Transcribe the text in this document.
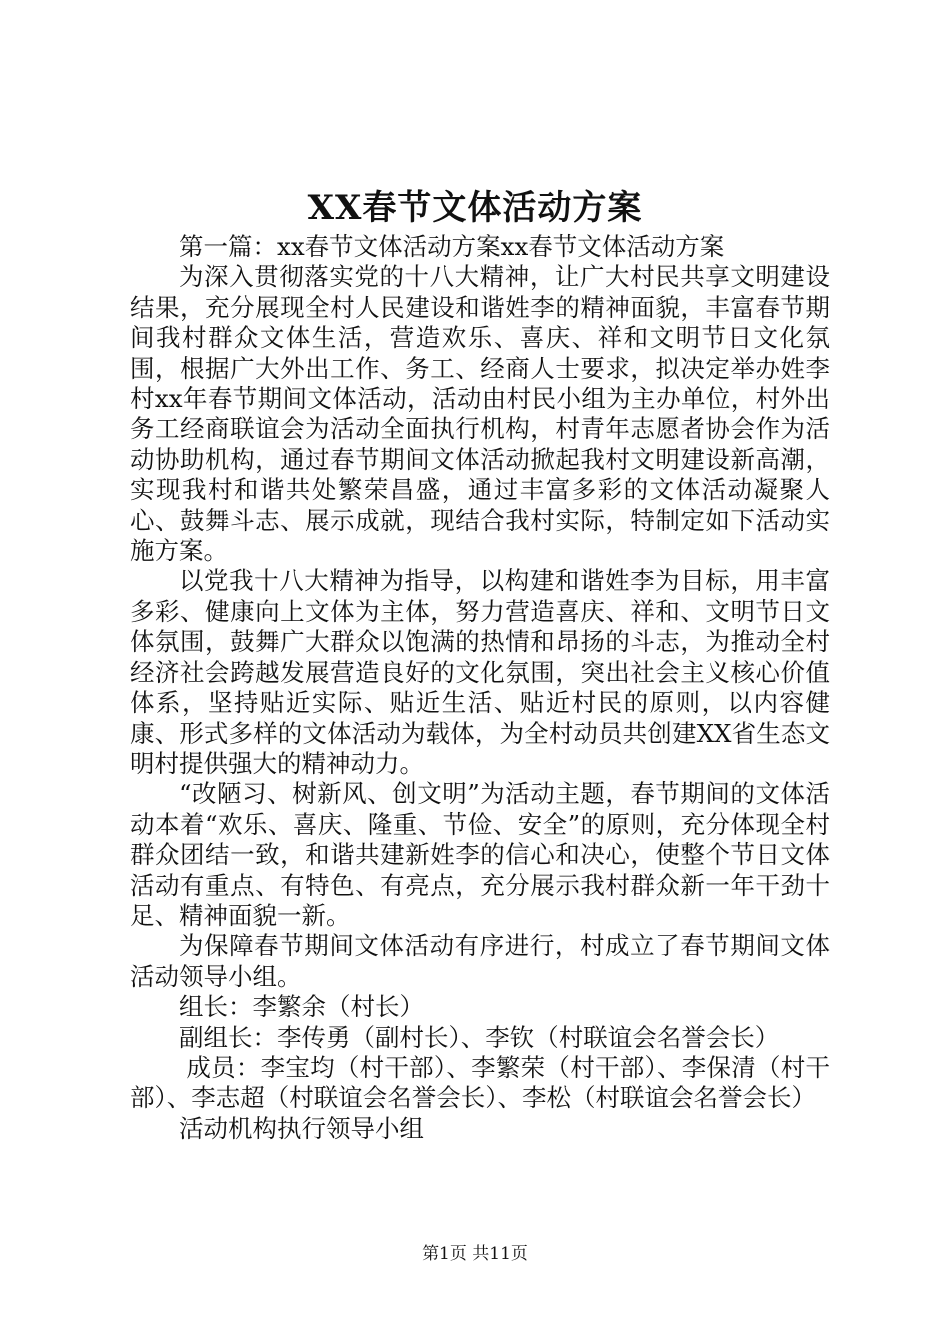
XX春节文体活动方案

第一篇：xx春节文体活动方案xx春节文体活动方案

为深入贯彻落实党的十八大精神，让广大村民共享文明建设结果，充分展现全村人民建设和谐姓李的精神面貌，丰富春节期间我村群众文体生活，营造欢乐、喜庆、祥和文明节日文化氛围，根据广大外出工作、务工、经商人士要求，拟决定举办姓李村xx年春节期间文体活动，活动由村民小组为主办单位，村外出务工经商联谊会为活动全面执行机构，村青年志愿者协会作为活动协助机构，通过春节期间文体活动掀起我村文明建设新高潮，实现我村和谐共处繁荣昌盛，通过丰富多彩的文体活动凝聚人心、鼓舞斗志、展示成就，现结合我村实际，特制定如下活动实施方案。

以党我十八大精神为指导，以构建和谐姓李为目标，用丰富多彩、健康向上文体为主体，努力营造喜庆、祥和、文明节日文体氛围，鼓舞广大群众以饱满的热情和昂扬的斗志，为推动全村经济社会跨越发展营造良好的文化氛围，突出社会主义核心价值体系，坚持贴近实际、贴近生活、贴近村民的原则，以内容健康、形式多样的文体活动为载体，为全村动员共创建XX省生态文明村提供强大的精神动力。

“改陋习、树新风、创文明”为活动主题，春节期间的文体活动本着“欢乐、喜庆、隆重、节俭、安全”的原则，充分体现全村群众团结一致，和谐共建新姓李的信心和决心，使整个节日文体活动有重点、有特色、有亮点，充分展示我村群众新一年干劲十足、精神面貌一新。

为保障春节期间文体活动有序进行，村成立了春节期间文体活动领导小组。

组长：李繁余（村长）

副组长：李传勇（副村长）、李钦（村联谊会名誉会长）

成员：李宝均（村干部）、李繁荣（村干部）、李保清（村干部）、李志超（村联谊会名誉会长）、李松（村联谊会名誉会长）

活动机构执行领导小组

第1页 共11页
